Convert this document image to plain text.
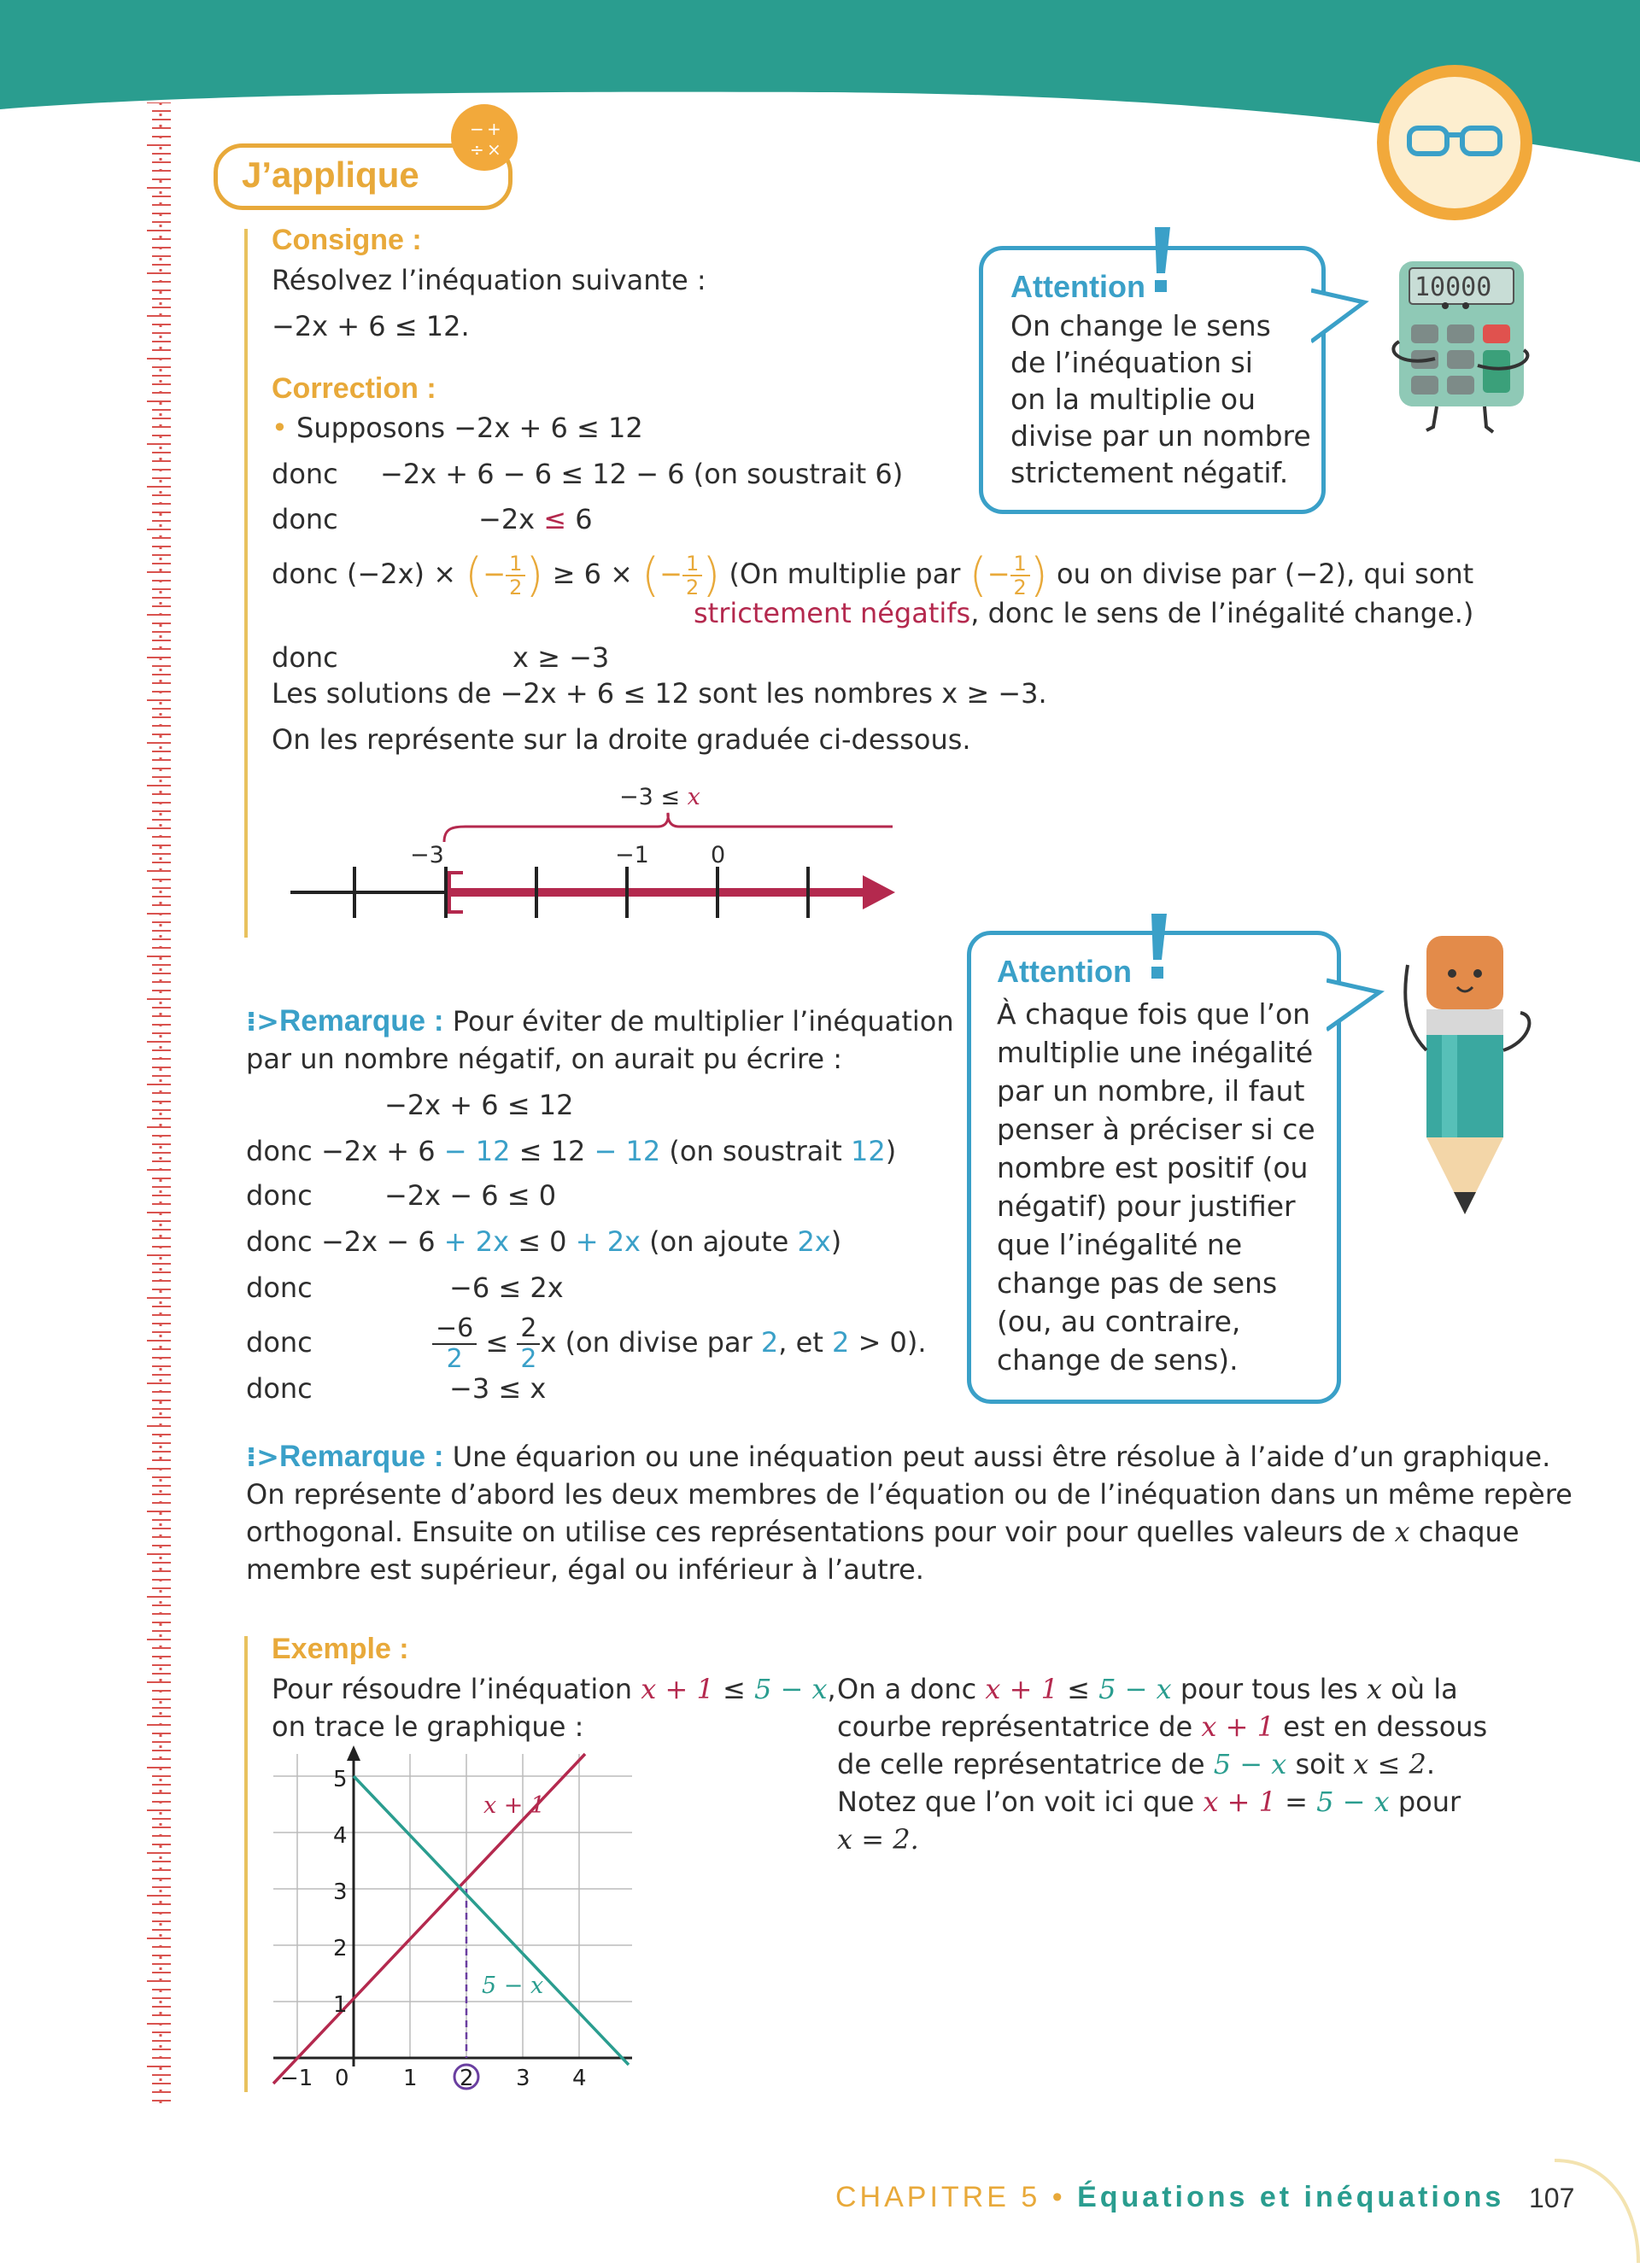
J’applique
− +
÷ ×
Consigne :
Résolvez l’inéquation suivante :
−2x + 6 ≤ 12.
Correction :
• Supposons −2x + 6 ≤ 12
donc −2x + 6 − 6 ≤ 12 − 6 (on soustrait 6)
donc	−2x ≤ 6
donc (−2x) × (− $\frac{1}{2}$ ) ≥ 6 × (− $\frac{1}{2}$ ) (On multiplie par (− $\frac{1}{2}$ ) ou on divise par (−2), qui sont
strictement négatifs, donc le sens de l’inégalité change.)
donc	x ≥ −3
Les solutions de −2x + 6 ≤ 12 sont les nombres x ≥ −3.
On les représente sur la droite graduée ci-dessous.
−3 ≤ x
−3	−1	0
Attention
On change le sens
de l’inéquation si
on la multiplie ou
divise par un nombre
strictement négatif.
10000
Attention
À chaque fois que l’on
multiplie une inégalité
par un nombre, il faut
penser à préciser si ce
nombre est positif (ou
négatif) pour justifier
que l’inégalité ne
change pas de sens
(ou, au contraire,
change de sens).
⁝>Remarque : Pour éviter de multiplier l’inéquation
par un nombre négatif, on aurait pu écrire :
−2x + 6 ≤ 12
donc −2x + 6 − 12 ≤ 12 − 12 (on soustrait 12)
donc	−2x − 6 ≤ 0
donc −2x − 6 + 2x ≤ 0 + 2x (on ajoute 2x)
donc	−6 ≤ 2x
donc	$\frac{-6}{2} \le \frac{2}{2}$ x (on divise par 2, et 2 > 0).
donc	−3 ≤ x
⁝>Remarque : Une équarion ou une inéquation peut aussi être résolue à l’aide d’un graphique.
On représente d’abord les deux membres de l’équation ou de l’inéquation dans un même repère
orthogonal. Ensuite on utilise ces représentations pour voir pour quelles valeurs de x chaque
membre est supérieur, égal ou inférieur à l’autre.
Exemple :
Pour résoudre l’inéquation x + 1 ≤ 5 − x,
on trace le graphique :
On a donc x + 1 ≤ 5 − x pour tous les x où la
courbe représentatrice de x + 1 est en dessous
de celle représentatrice de 5 − x soit x ≤ 2.
Notez que l’on voit ici que x + 1 = 5 − x pour
x = 2.
x + 1
5 − x
1
2
3
4
5
−1 0 1 2 3 4
CHAPITRE 5 • Équations et inéquations 107
